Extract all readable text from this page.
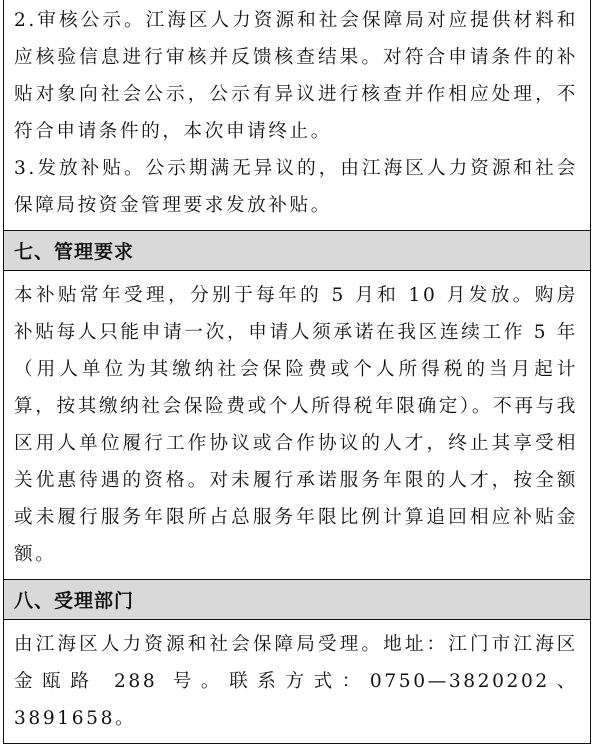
2.审核公示。江海区人力资源和社会保障局对应提供材料和应核验信息进行审核并反馈核查结果。对符合申请条件的补贴对象向社会公示，公示有异议进行核查并作相应处理，不符合申请条件的，本次申请终止。

3.发放补贴。公示期满无异议的，由江海区人力资源和社会保障局按资金管理要求发放补贴。

七、管理要求

本补贴常年受理，分别于每年的 5 月和 10 月发放。购房补贴每人只能申请一次，申请人须承诺在我区连续工作 5 年（用人单位为其缴纳社会保险费或个人所得税的当月起计算，按其缴纳社会保险费或个人所得税年限确定）。不再与我区用人单位履行工作协议或合作协议的人才，终止其享受相关优惠待遇的资格。对未履行承诺服务年限的人才，按全额或未履行服务年限所占总服务年限比例计算追回相应补贴金额。

八、受理部门

由江海区人力资源和社会保障局受理。地址：江门市江海区金瓯路 288 号。联系方式：0750—3820202、3891658。
